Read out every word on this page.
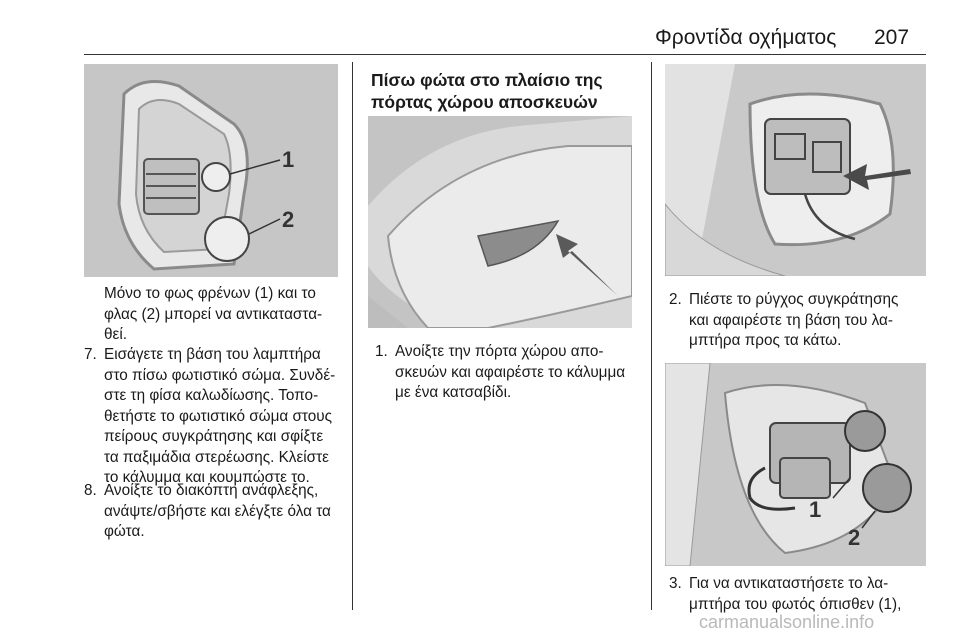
Φροντίδα οχήματος 207
1
2
Μόνο το φως φρένων (1) και το
φλας (2) μπορεί να αντικαταστα-
θεί.
7. Εισάγετε τη βάση του λαμπτήρα
στο πίσω φωτιστικό σώμα. Συνδέ-
στε τη φίσα καλωδίωσης. Τοπο-
θετήστε το φωτιστικό σώμα στους
πείρους συγκράτησης και σφίξτε
τα παξιμάδια στερέωσης. Κλείστε
το κάλυμμα και κουμπώστε το.
8. Ανοίξτε το διακόπτη ανάφλεξης,
ανάψτε/σβήστε και ελέγξτε όλα τα
φώτα.
Πίσω φώτα στο πλαίσιο της
πόρτας χώρου αποσκευών
1. Ανοίξτε την πόρτα χώρου απο-
σκευών και αφαιρέστε το κάλυμμα
με ένα κατσαβίδι.
2. Πιέστε το ρύγχος συγκράτησης
και αφαιρέστε τη βάση του λα-
μπτήρα προς τα κάτω.
1
2
3. Για να αντικαταστήσετε το λα-
μπτήρα του φωτός όπισθεν (1),
carmanualsonline.info
